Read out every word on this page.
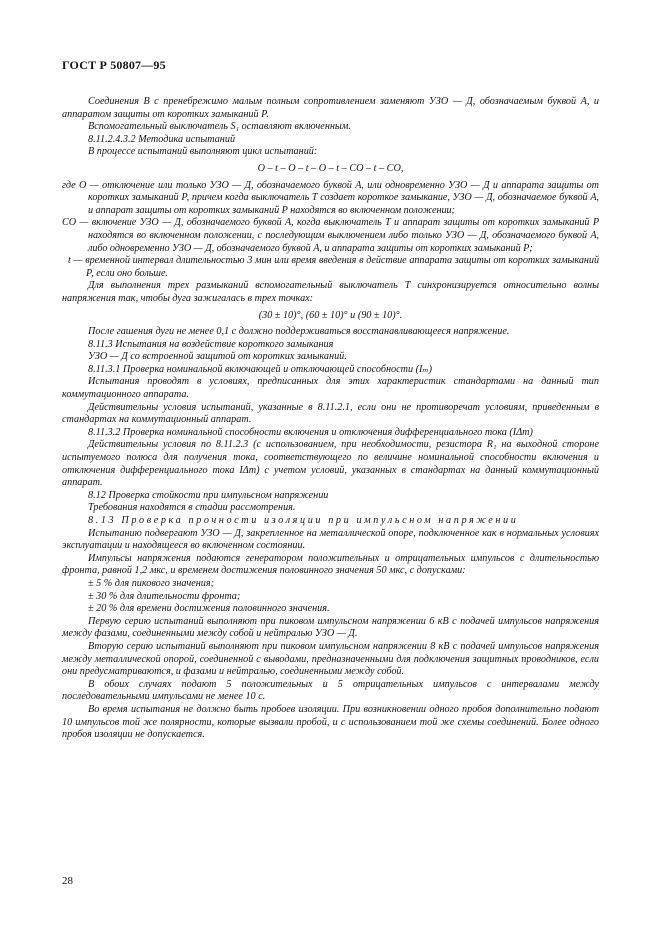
ГОСТ Р 50807—95

Соединения B с пренебрежимо малым полным сопротивлением заменяют УЗО — Д, обозначаемым буквой А, и аппаратом защиты от коротких замыканий Р.

Вспомогательный выключатель S₁ оставляют включенным.

8.11.2.4.3.2 Методика испытаний

В процессе испытаний выполняют цикл испытаний:

O – t – O – t – O – t – CO – t – CO,

где O — отключение или только УЗО — Д, обозначаемого буквой А, или одновременно УЗО — Д и аппарата защиты от коротких замыканий Р, причем когда выключатель Т создает короткое замыкание, УЗО — Д, обозначаемое буквой А, и аппарат защиты от коротких замыканий Р находятся во включенном положении;

CO — включение УЗО — Д, обозначаемого буквой А, когда выключатель Т и аппарат защиты от коротких замыканий Р находятся во включенном положении, с последующим выключением либо только УЗО — Д, обозначаемого буквой А, либо одновременно УЗО — Д, обозначаемого буквой А, и аппарата защиты от коротких замыканий Р;

t — временной интервал длительностью 3 мин или время введения в действие аппарата защиты от коротких замыканий Р, если оно больше.

Для выполнения трех размыканий вспомогательный выключатель Т синхронизируется относительно волны напряжения так, чтобы дуга зажигалась в трех точках:

(30 ± 10)°, (60 ± 10)° и (90 ± 10)°.

После гашения дуги не менее 0,1 с должно поддерживаться восстанавливающееся напряжение.

8.11.3 Испытания на воздействие короткого замыкания

УЗО — Д со встроенной защитой от коротких замыканий.

8.11.3.1 Проверка номинальной включающей и отключающей способности (Iₘ)

Испытания проводят в условиях, предписанных для этих характеристик стандартами на данный тип коммутационного аппарата.

Действительны условия испытаний, указанные в 8.11.2.1, если они не противоречат условиям, приведенным в стандартах на коммутационный аппарат.

8.11.3.2 Проверка номинальной способности включения и отключения дифференциального тока (IΔm)

Действительны условия по 8.11.2.3 (с использованием, при необходимости, резистора R₁ на выходной стороне испытуемого полюса для получения тока, соответствующего по величине номинальной способности включения и отключения дифференциального тока IΔm) с учетом условий, указанных в стандартах на данный коммутационный аппарат.

8.12 Проверка стойкости при импульсном напряжении

Требования находятся в стадии рассмотрения.

8.13 Проверка прочности изоляции при импульсном напряжении

Испытанию подвергают УЗО — Д, закрепленное на металлической опоре, подключенное как в нормальных условиях эксплуатации и находящееся во включенном состоянии.

Импульсы напряжения подаются генератором положительных и отрицательных импульсов с длительностью фронта, равной 1,2 мкс, и временем достижения половинного значения 50 мкс, с допусками:

± 5 % для пикового значения;

± 30 % для длительности фронта;

± 20 % для времени достижения половинного значения.

Первую серию испытаний выполняют при пиковом импульсном напряжении 6 кВ с подачей импульсов напряжения между фазами, соединенными между собой и нейтралью УЗО — Д.

Вторую серию испытаний выполняют при пиковом импульсном напряжении 8 кВ с подачей импульсов напряжения между металлической опорой, соединенной с выводами, предназначенными для подключения защитных проводников, если они предусматриваются, и фазами и нейтралью, соединенными между собой.

В обоих случаях подают 5 положительных и 5 отрицательных импульсов с интервалами между последовательными импульсами не менее 10 с.

Во время испытания не должно быть пробоев изоляции. При возникновении одного пробоя дополнительно подают 10 импульсов той же полярности, которые вызвали пробой, и с использованием той же схемы соединений. Более одного пробоя изоляции не допускается.

28
